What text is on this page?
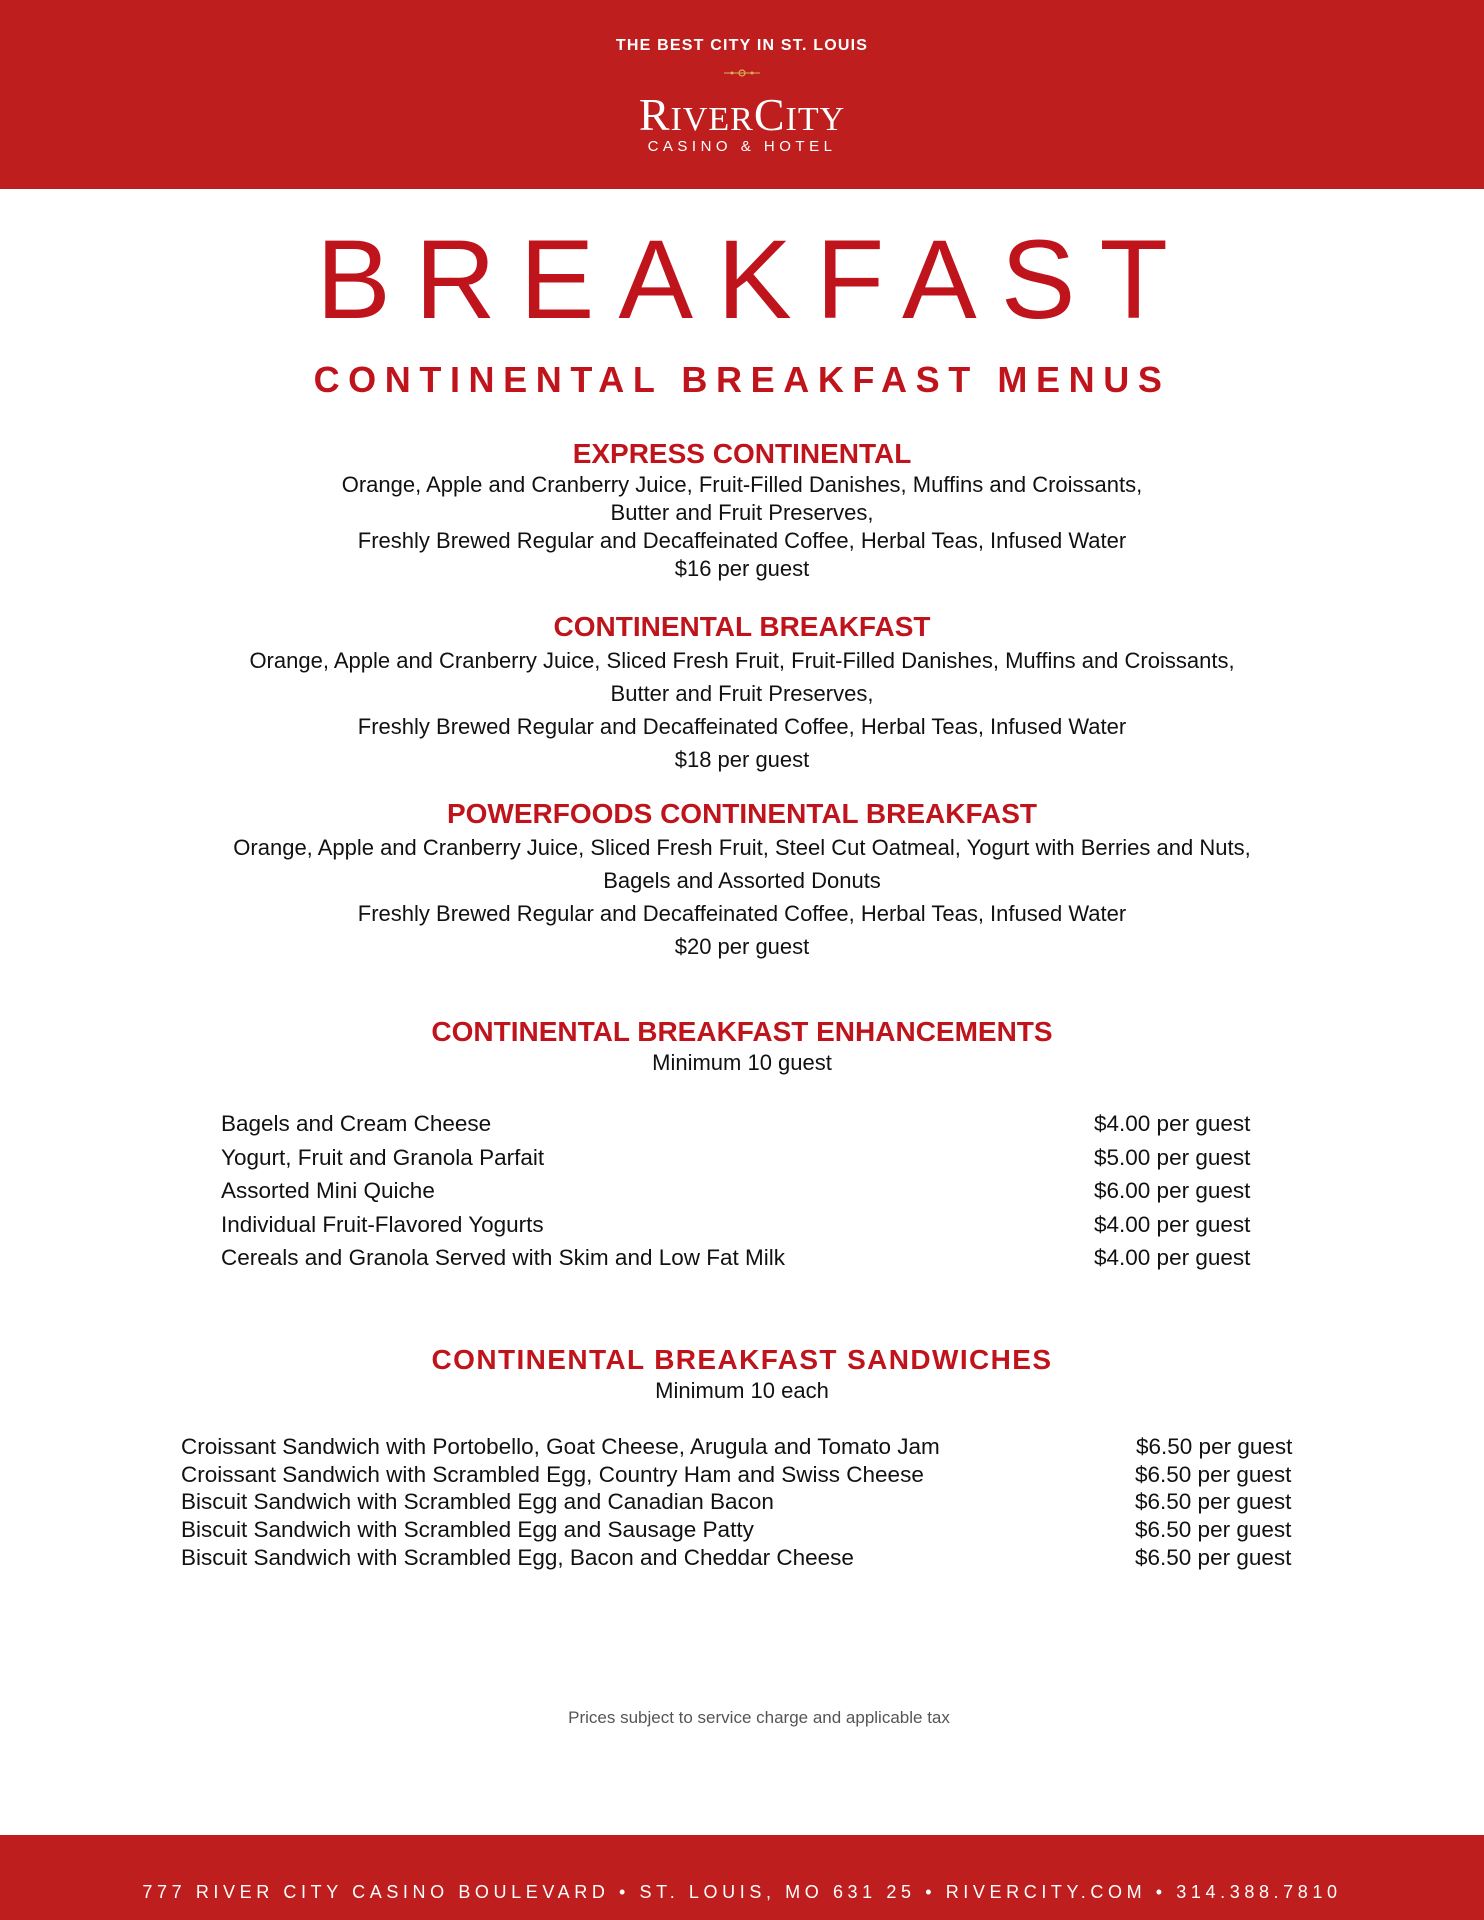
THE BEST CITY IN ST. LOUIS
RIVERCITY
CASINO & HOTEL
BREAKFAST
CONTINENTAL BREAKFAST MENUS
EXPRESS CONTINENTAL
Orange, Apple and Cranberry Juice, Fruit-Filled Danishes, Muffins and Croissants,
Butter and Fruit Preserves,
Freshly Brewed Regular and Decaffeinated Coffee, Herbal Teas, Infused Water
$16 per guest
CONTINENTAL BREAKFAST
Orange, Apple and Cranberry Juice, Sliced Fresh Fruit, Fruit-Filled Danishes, Muffins and Croissants,
Butter and Fruit Preserves,
Freshly Brewed Regular and Decaffeinated Coffee, Herbal Teas, Infused Water
$18 per guest
POWERFOODS CONTINENTAL BREAKFAST
Orange, Apple and Cranberry Juice, Sliced Fresh Fruit, Steel Cut Oatmeal, Yogurt with Berries and Nuts,
Bagels and Assorted Donuts
Freshly Brewed Regular and Decaffeinated Coffee, Herbal Teas, Infused Water
$20 per guest
CONTINENTAL BREAKFAST ENHANCEMENTS
Minimum 10 guest
Bagels and Cream Cheese	$4.00 per guest
Yogurt, Fruit and Granola Parfait	$5.00 per guest
Assorted Mini Quiche	$6.00 per guest
Individual Fruit-Flavored Yogurts	$4.00 per guest
Cereals and Granola Served with Skim and Low Fat Milk	$4.00 per guest
CONTINENTAL BREAKFAST SANDWICHES
Minimum 10 each
Croissant Sandwich with Portobello, Goat Cheese, Arugula and Tomato Jam	$6.50 per guest
Croissant Sandwich with Scrambled Egg, Country Ham and Swiss Cheese	$6.50 per guest
Biscuit Sandwich with Scrambled Egg and Canadian Bacon	$6.50 per guest
Biscuit Sandwich with Scrambled Egg and Sausage Patty	$6.50 per guest
Biscuit Sandwich with Scrambled Egg, Bacon and Cheddar Cheese	$6.50 per guest
Prices subject to service charge and applicable tax
777 RIVER CITY CASINO BOULEVARD • ST. LOUIS, MO 631 25 • RIVERCITY.COM • 314.388.7810
